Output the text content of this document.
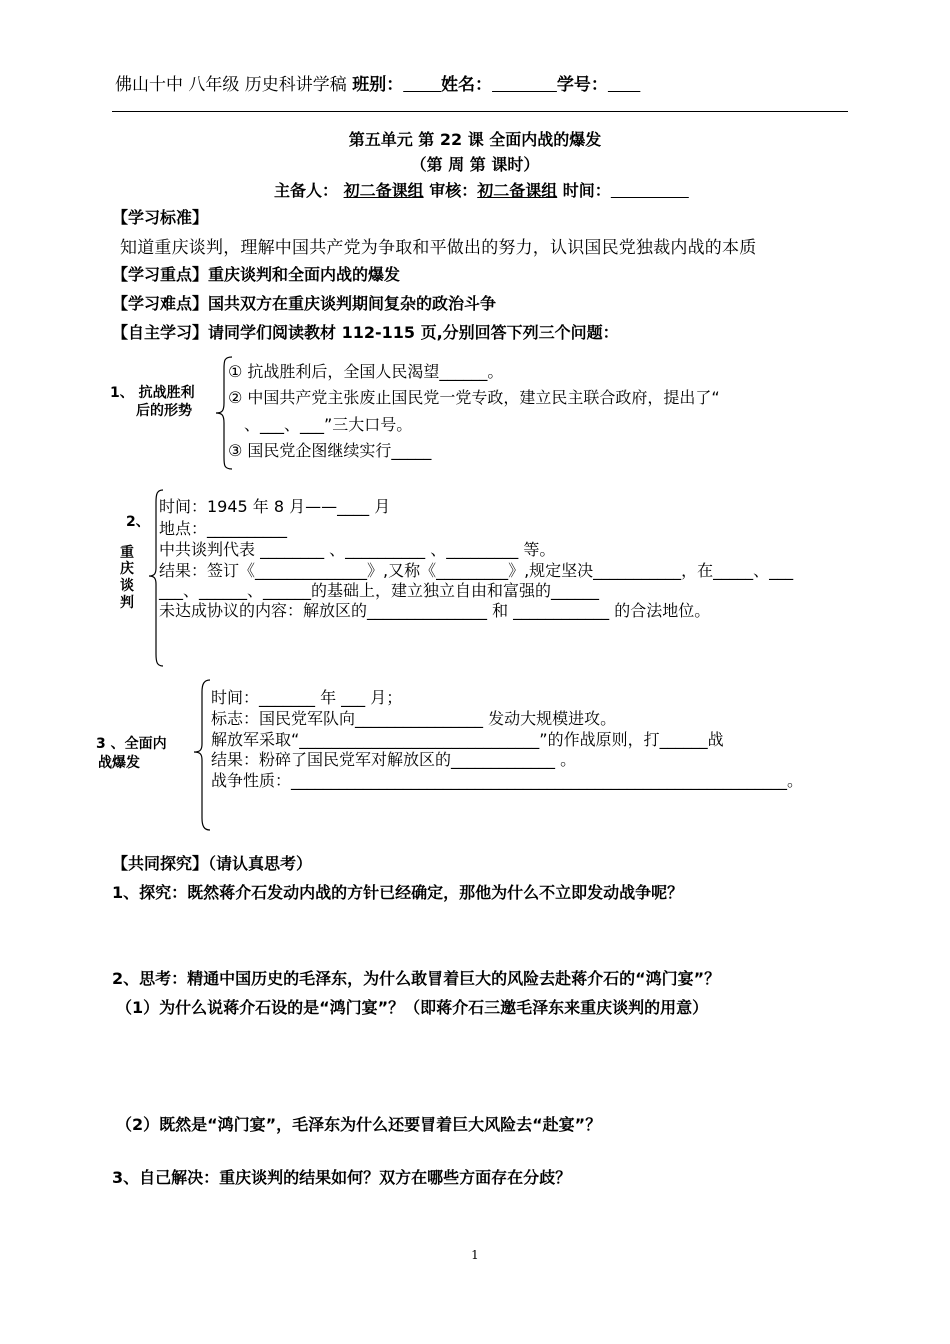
佛山十中 八年级 历史科讲学稿 班别： 姓名：	学号：
第五单元 第 22 课 全面内战的爆发
（第 周 第 课时）
主备人： 初二备课组 审核：初二备课组 时间：
【学习标准】
知道重庆谈判，理解中国共产党为争取和平做出的努力，认识国民党独裁内战的本质
【学习重点】重庆谈判和全面内战的爆发
【学习难点】国共双方在重庆谈判期间复杂的政治斗争
【自主学习】请同学们阅读教材 112-115 页,分别回答下列三个问题：
1、 抗战胜利
后的形势
① 抗战胜利后，全国人民渴望______。
② 中国共产党主张废止国民党一党专政，建立民主联合政府，提出了“
、___、___”三大口号。
③ 国民党企图继续实行_____
2、
重
庆
谈
判
时间：1945 年 8 月——____ 月
地点：__________
中共谈判代表 ________ 、__________ 、_________ 等。
结果：签订《______________》,又称《_________》,规定坚决___________，在_____、___
___、______、______的基础上，建立独立自由和富强的______
未达成协议的内容：解放区的_______________ 和 ____________ 的合法地位。
3 、全面内
战爆发
时间：_______ 年 ___ 月；
标志：国民党军队向________________ 发动大规模进攻。
解放军采取“______________________________”的作战原则，打______战
结果：粉碎了国民党军对解放区的_____________ 。
战争性质：______________________________________________________________。
【共同探究】（请认真思考）
1、探究：既然蒋介石发动内战的方针已经确定，那他为什么不立即发动战争呢？
2、思考：精通中国历史的毛泽东，为什么敢冒着巨大的风险去赴蒋介石的“鸿门宴”？
（1）为什么说蒋介石设的是“鸿门宴”？（即蒋介石三邀毛泽东来重庆谈判的用意）
（2）既然是“鸿门宴”，毛泽东为什么还要冒着巨大风险去“赴宴”？
3、自己解决：重庆谈判的结果如何？双方在哪些方面存在分歧？
1
